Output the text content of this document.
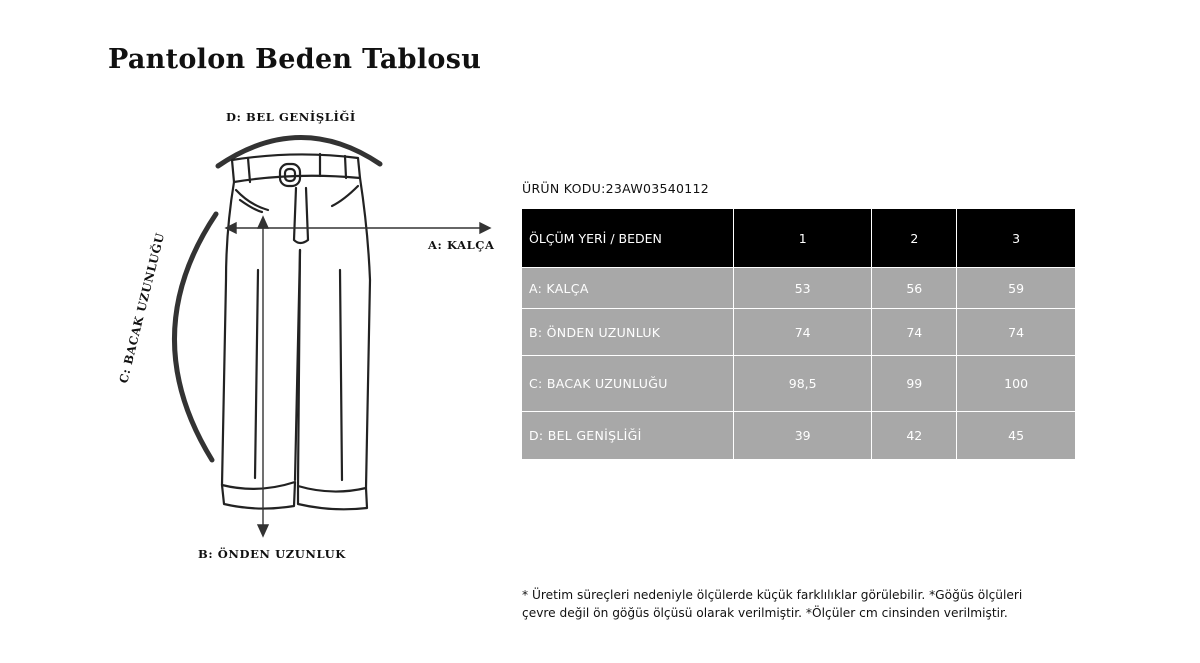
Pantolon Beden Tablosu
D: BEL GENİŞLİĞİ
A: KALÇA
B: ÖNDEN UZUNLUK
C: BACAK UZUNLUĞU
ÜRÜN KODU:23AW03540112
ÖLÇÜM YERİ / BEDEN	1	2	3
A: KALÇA	53	56	59
B: ÖNDEN UZUNLUK	74	74	74
C: BACAK UZUNLUĞU	98,5	99	100
D: BEL GENİŞLİĞİ	39	42	45
* Üretim süreçleri nedeniyle ölçülerde küçük farklılıklar görülebilir. *Göğüs ölçüleri
çevre değil ön göğüs ölçüsü olarak verilmiştir. *Ölçüler cm cinsinden verilmiştir.
